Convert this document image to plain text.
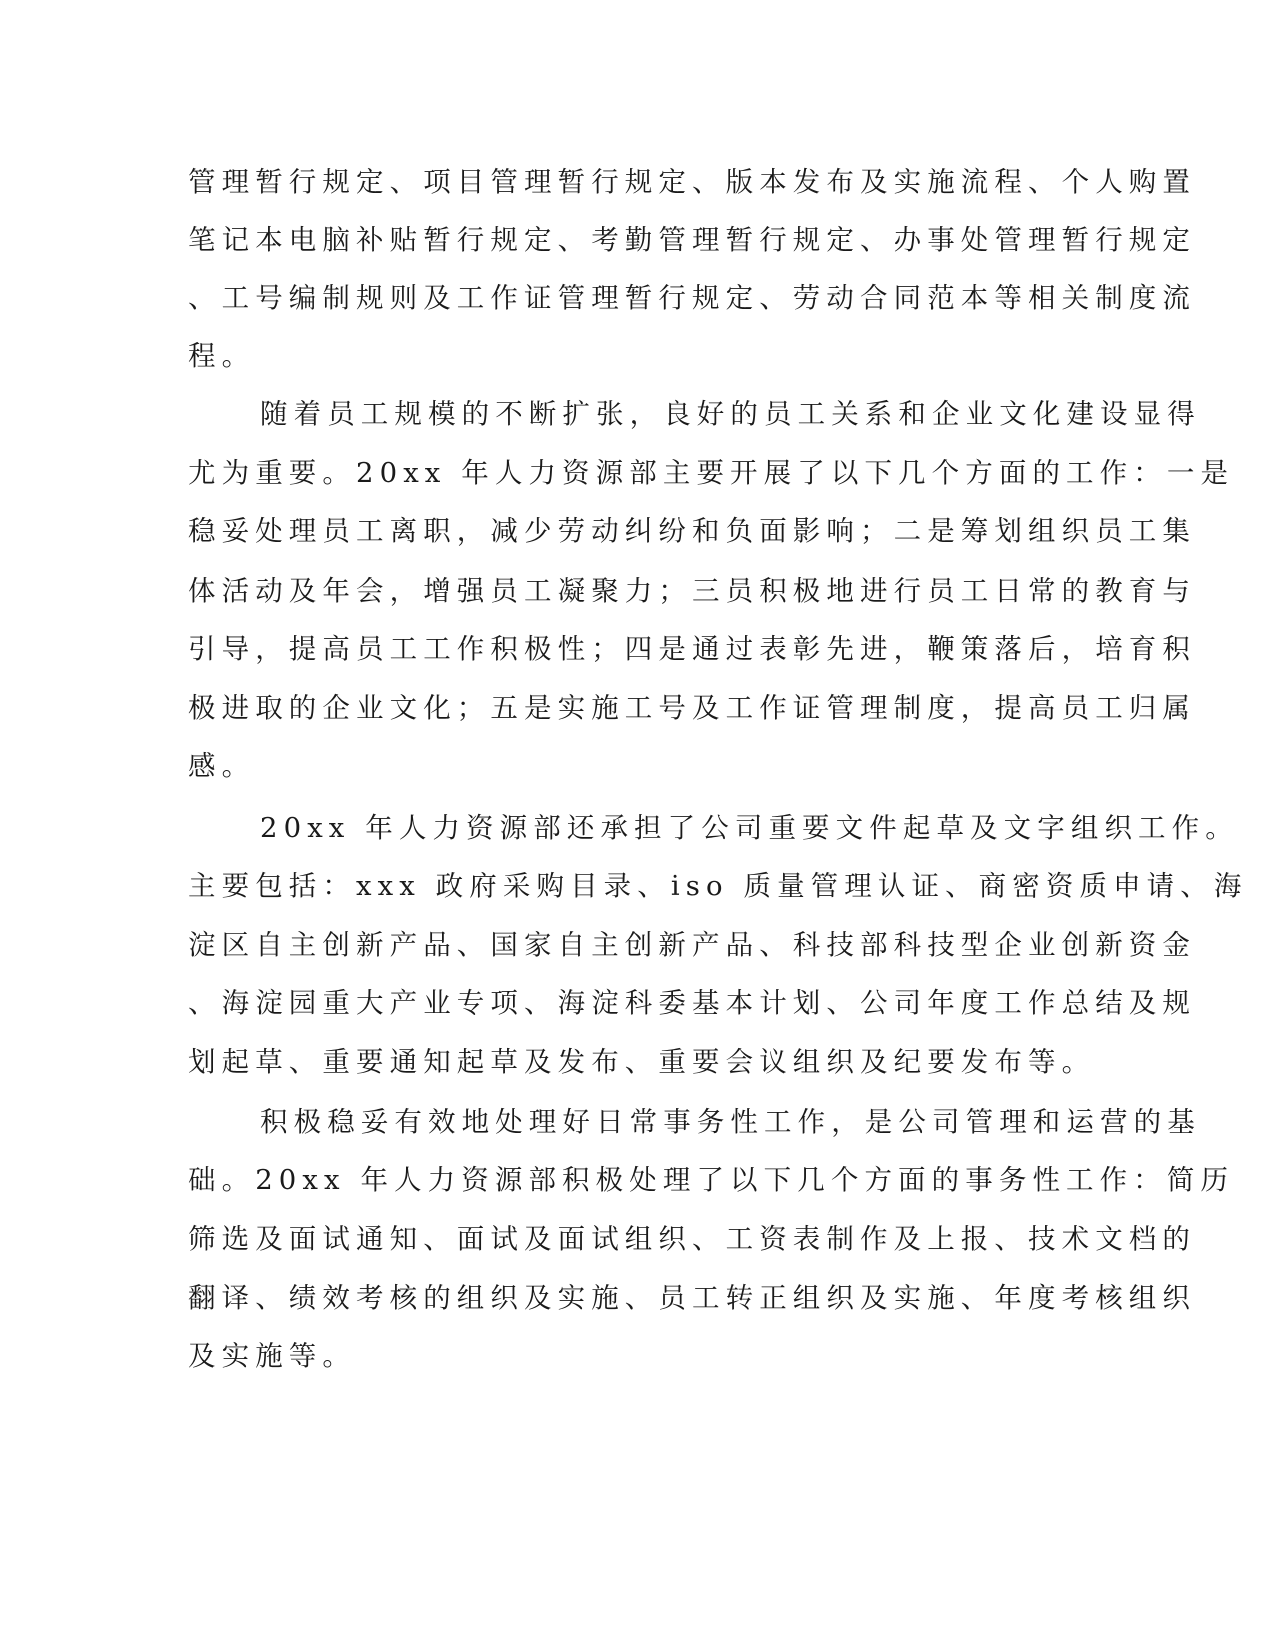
管理暂行规定、项目管理暂行规定、版本发布及实施流程、个人购置
笔记本电脑补贴暂行规定、考勤管理暂行规定、办事处管理暂行规定
、工号编制规则及工作证管理暂行规定、劳动合同范本等相关制度流
程。
随着员工规模的不断扩张，良好的员工关系和企业文化建设显得
尤为重要。20xx 年人力资源部主要开展了以下几个方面的工作：一是
稳妥处理员工离职，减少劳动纠纷和负面影响；二是筹划组织员工集
体活动及年会，增强员工凝聚力；三员积极地进行员工日常的教育与
引导，提高员工工作积极性；四是通过表彰先进，鞭策落后，培育积
极进取的企业文化；五是实施工号及工作证管理制度，提高员工归属
感。
20xx 年人力资源部还承担了公司重要文件起草及文字组织工作。
主要包括：xxx 政府采购目录、iso 质量管理认证、商密资质申请、海
淀区自主创新产品、国家自主创新产品、科技部科技型企业创新资金
、海淀园重大产业专项、海淀科委基本计划、公司年度工作总结及规
划起草、重要通知起草及发布、重要会议组织及纪要发布等。
积极稳妥有效地处理好日常事务性工作，是公司管理和运营的基
础。20xx 年人力资源部积极处理了以下几个方面的事务性工作：简历
筛选及面试通知、面试及面试组织、工资表制作及上报、技术文档的
翻译、绩效考核的组织及实施、员工转正组织及实施、年度考核组织
及实施等。
